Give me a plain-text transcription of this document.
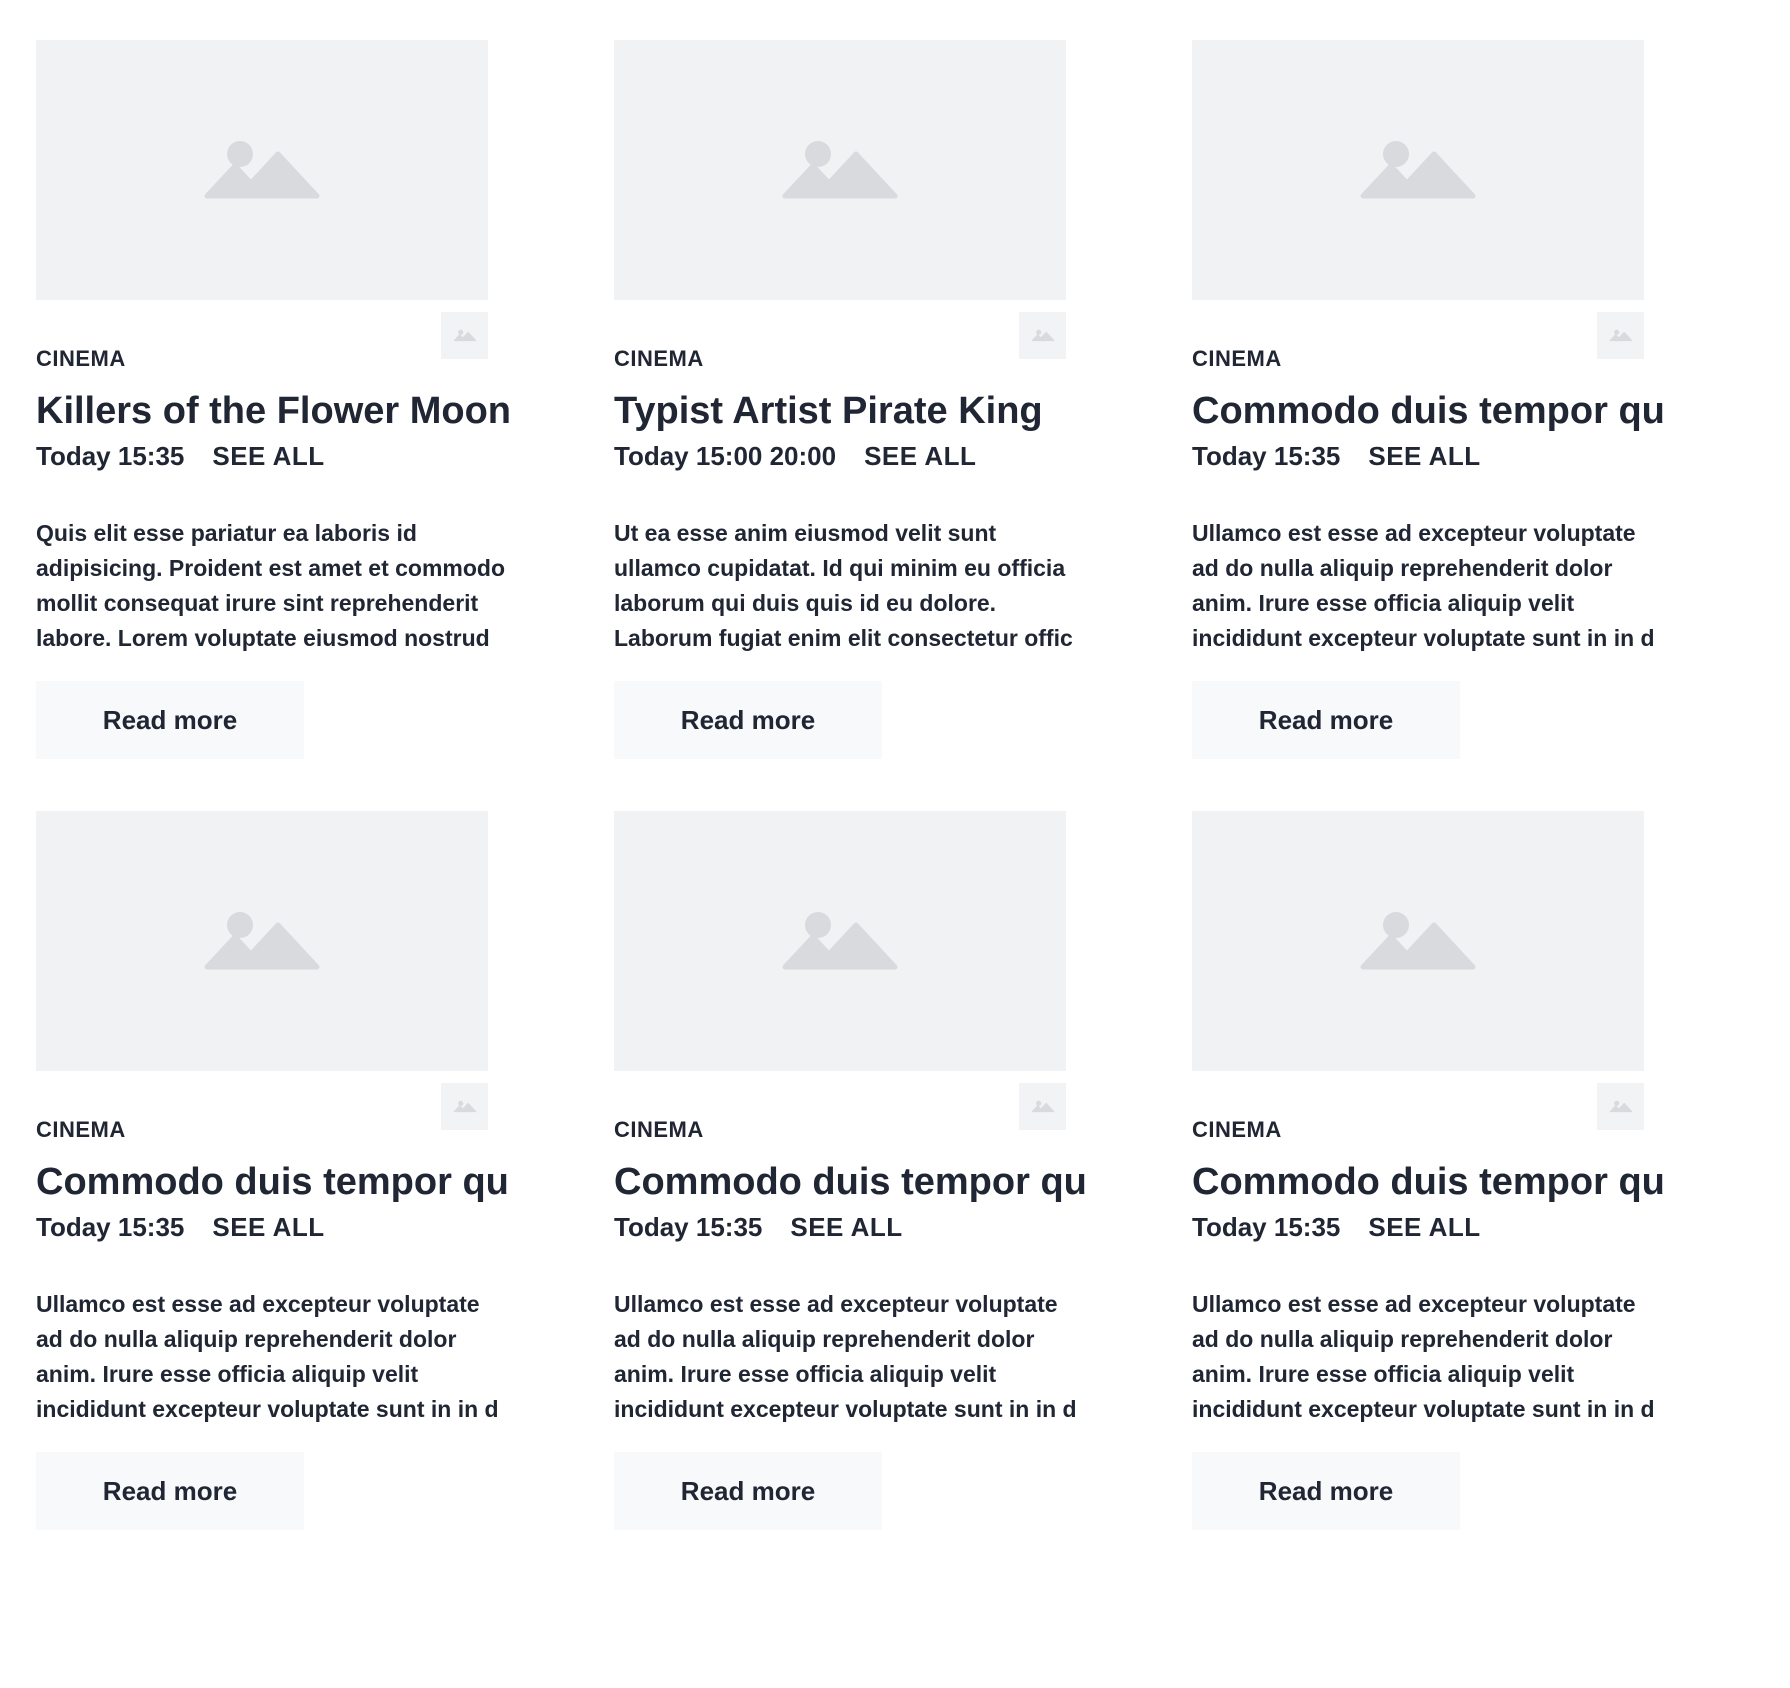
CINEMA
Killers of the Flower Moon
Today 15:35 SEE ALL

Quis elit esse pariatur ea laboris id adipisicing. Proident est amet et commodo mollit consequat irure sint reprehenderit labore. Lorem voluptate eiusmod nostrud

Read more
CINEMA
Typist Artist Pirate King
Today 15:00 20:00 SEE ALL

Ut ea esse anim eiusmod velit sunt ullamco cupidatat. Id qui minim eu officia laborum qui duis quis id eu dolore. Laborum fugiat enim elit consectetur offic

Read more
CINEMA
Commodo duis tempor qu
Today 15:35 SEE ALL

Ullamco est esse ad excepteur voluptate ad do nulla aliquip reprehenderit dolor anim. Irure esse officia aliquip velit incididunt excepteur voluptate sunt in in d

Read more
CINEMA
Commodo duis tempor qu
Today 15:35 SEE ALL

Ullamco est esse ad excepteur voluptate ad do nulla aliquip reprehenderit dolor anim. Irure esse officia aliquip velit incididunt excepteur voluptate sunt in in d

Read more
CINEMA
Commodo duis tempor qu
Today 15:35 SEE ALL

Ullamco est esse ad excepteur voluptate ad do nulla aliquip reprehenderit dolor anim. Irure esse officia aliquip velit incididunt excepteur voluptate sunt in in d

Read more
CINEMA
Commodo duis tempor qu
Today 15:35 SEE ALL

Ullamco est esse ad excepteur voluptate ad do nulla aliquip reprehenderit dolor anim. Irure esse officia aliquip velit incididunt excepteur voluptate sunt in in d

Read more
